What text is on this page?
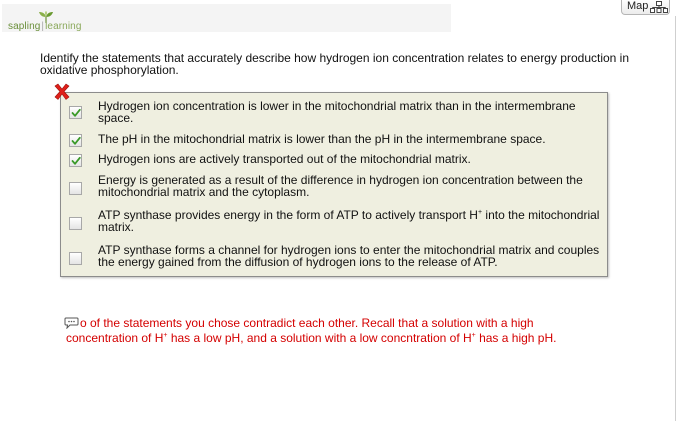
sapling|learning
Map
Identify the statements that accurately describe how hydrogen ion concentration relates to energy production in oxidative phosphorylation.
Hydrogen ion concentration is lower in the mitochondrial matrix than in the intermembrane space.
The pH in the mitochondrial matrix is lower than the pH in the intermembrane space.
Hydrogen ions are actively transported out of the mitochondrial matrix.
Energy is generated as a result of the difference in hydrogen ion concentration between the mitochondrial matrix and the cytoplasm.
ATP synthase provides energy in the form of ATP to actively transport H+ into the mitochondrial matrix.
ATP synthase forms a channel for hydrogen ions to enter the mitochondrial matrix and couples the energy gained from the diffusion of hydrogen ions to the release of ATP.
o of the statements you chose contradict each other. Recall that a solution with a high
concentration of H+ has a low pH, and a solution with a low concntration of H+ has a high pH.
